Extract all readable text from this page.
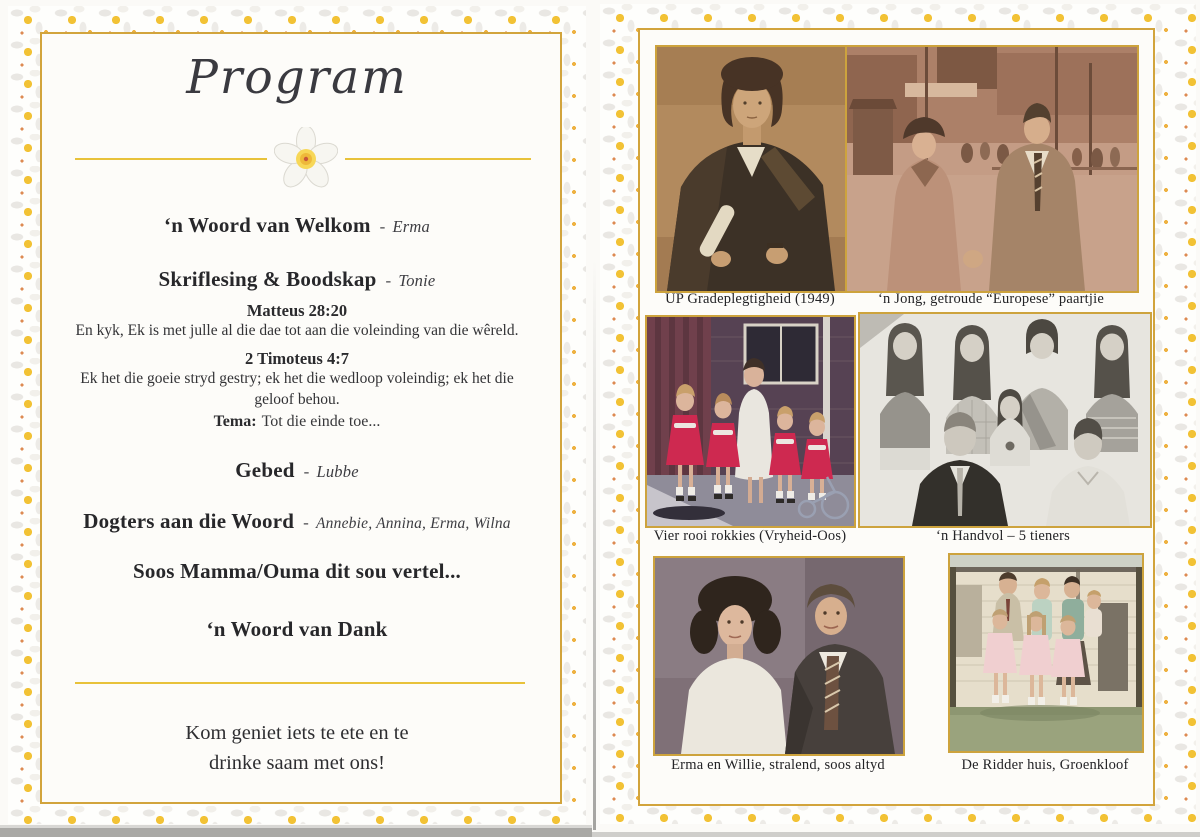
Program
‘n Woord van Welkom - Erma
Skriflesing & Boodskap - Tonie
Matteus 28:20
En kyk, Ek is met julle al die dae tot aan die voleinding van die wêreld.
2 Timoteus 4:7
Ek het die goeie stryd gestry; ek het die wedloop voleindig; ek het die geloof behou.
Tema: Tot die einde toe...
Gebed - Lubbe
Dogters aan die Woord - Annebie, Annina, Erma, Wilna
Soos Mamma/Ouma dit sou vertel...
‘n Woord van Dank
Kom geniet iets te ete en te
drinke saam met ons!
UP Gradeplegtigheid (1949)	‘n Jong, getroude “Europese” paartjie
Vier rooi rokkies (Vryheid-Oos)	‘n Handvol – 5 tieners
Erma en Willie, stralend, soos altyd	De Ridder huis, Groenkloof
